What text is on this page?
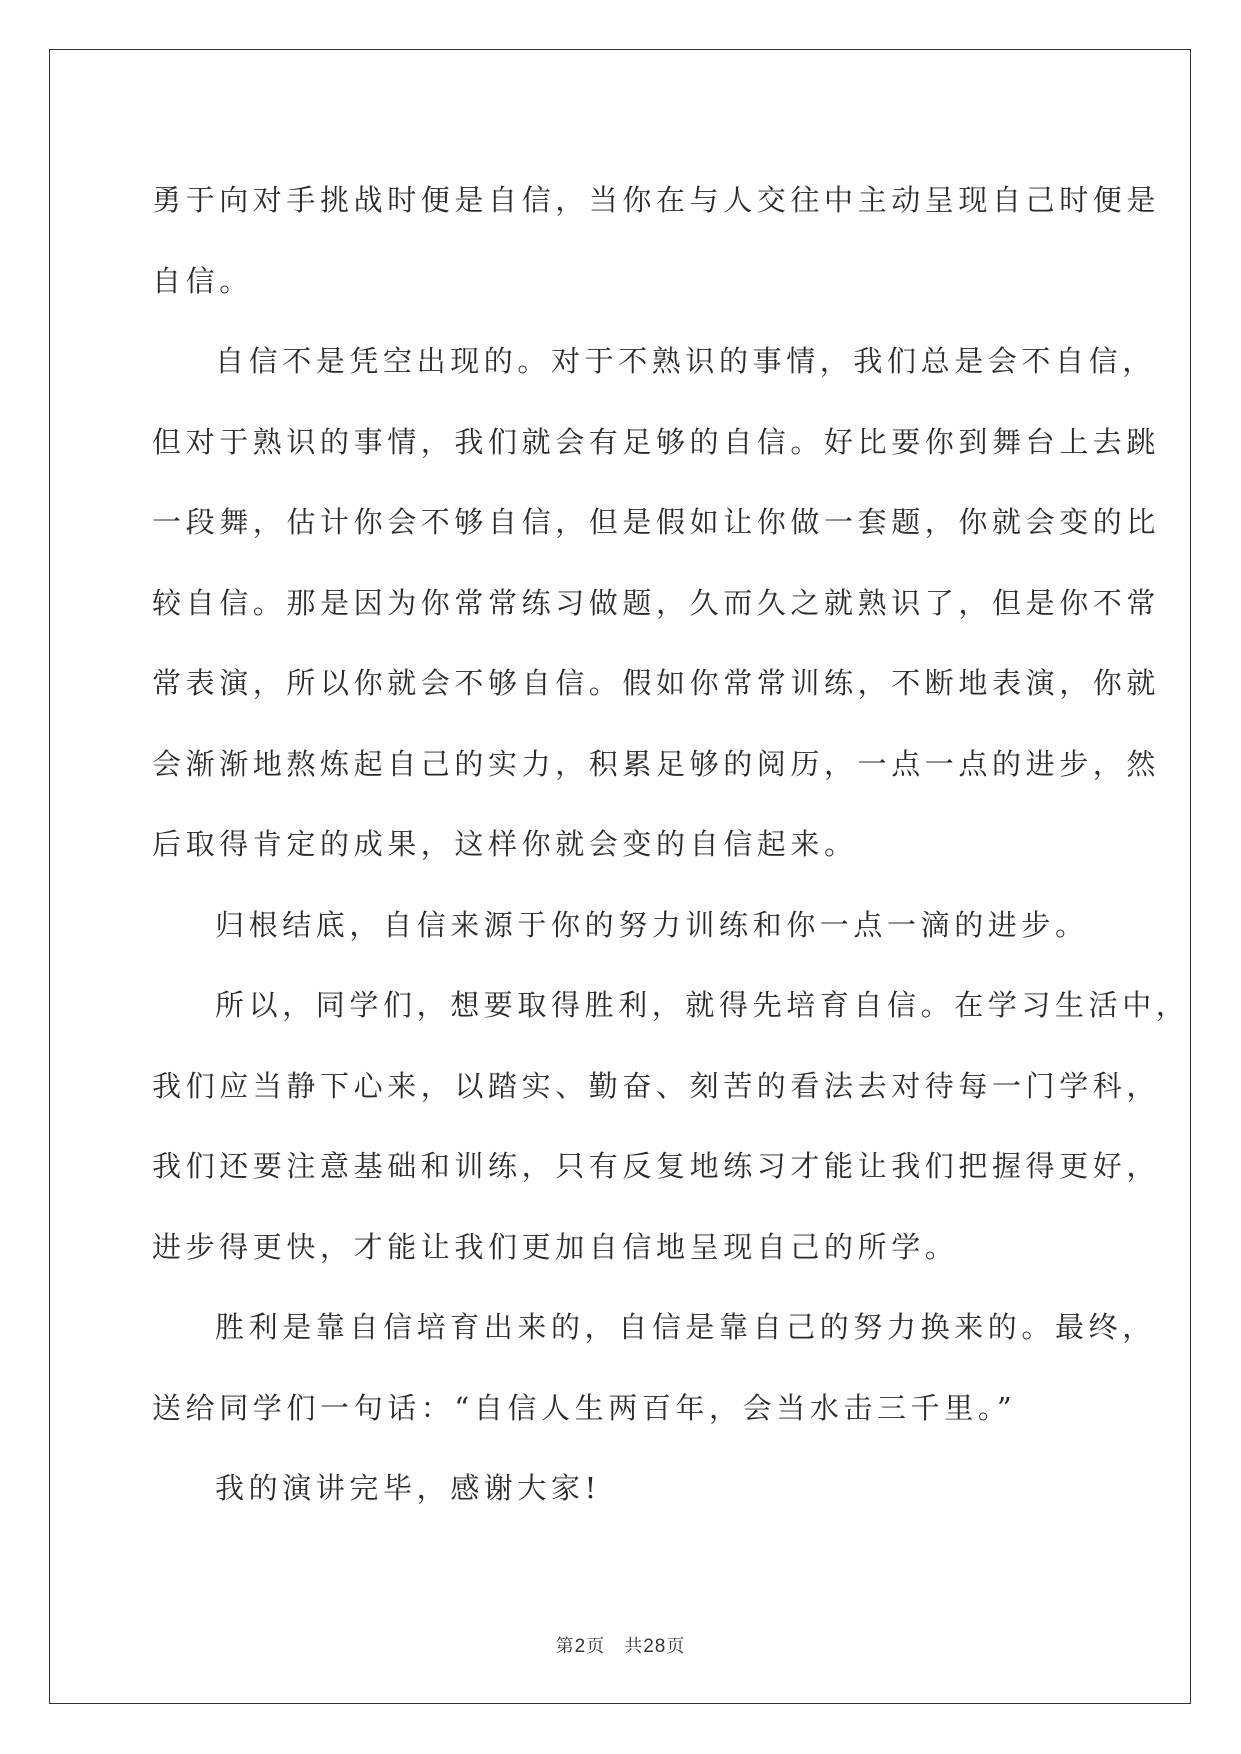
勇于向对手挑战时便是自信，当你在与人交往中主动呈现自己时便是
自信。
自信不是凭空出现的。对于不熟识的事情，我们总是会不自信，
但对于熟识的事情，我们就会有足够的自信。好比要你到舞台上去跳
一段舞，估计你会不够自信，但是假如让你做一套题，你就会变的比
较自信。那是因为你常常练习做题，久而久之就熟识了，但是你不常
常表演，所以你就会不够自信。假如你常常训练，不断地表演，你就
会渐渐地熬炼起自己的实力，积累足够的阅历，一点一点的进步，然
后取得肯定的成果，这样你就会变的自信起来。
归根结底，自信来源于你的努力训练和你一点一滴的进步。
所以，同学们，想要取得胜利，就得先培育自信。在学习生活中，
我们应当静下心来，以踏实、勤奋、刻苦的看法去对待每一门学科，
我们还要注意基础和训练，只有反复地练习才能让我们把握得更好，
进步得更快，才能让我们更加自信地呈现自己的所学。
胜利是靠自信培育出来的，自信是靠自己的努力换来的。最终，
送给同学们一句话：“自信人生两百年，会当水击三千里。”
我的演讲完毕，感谢大家!
第2页　共28页
